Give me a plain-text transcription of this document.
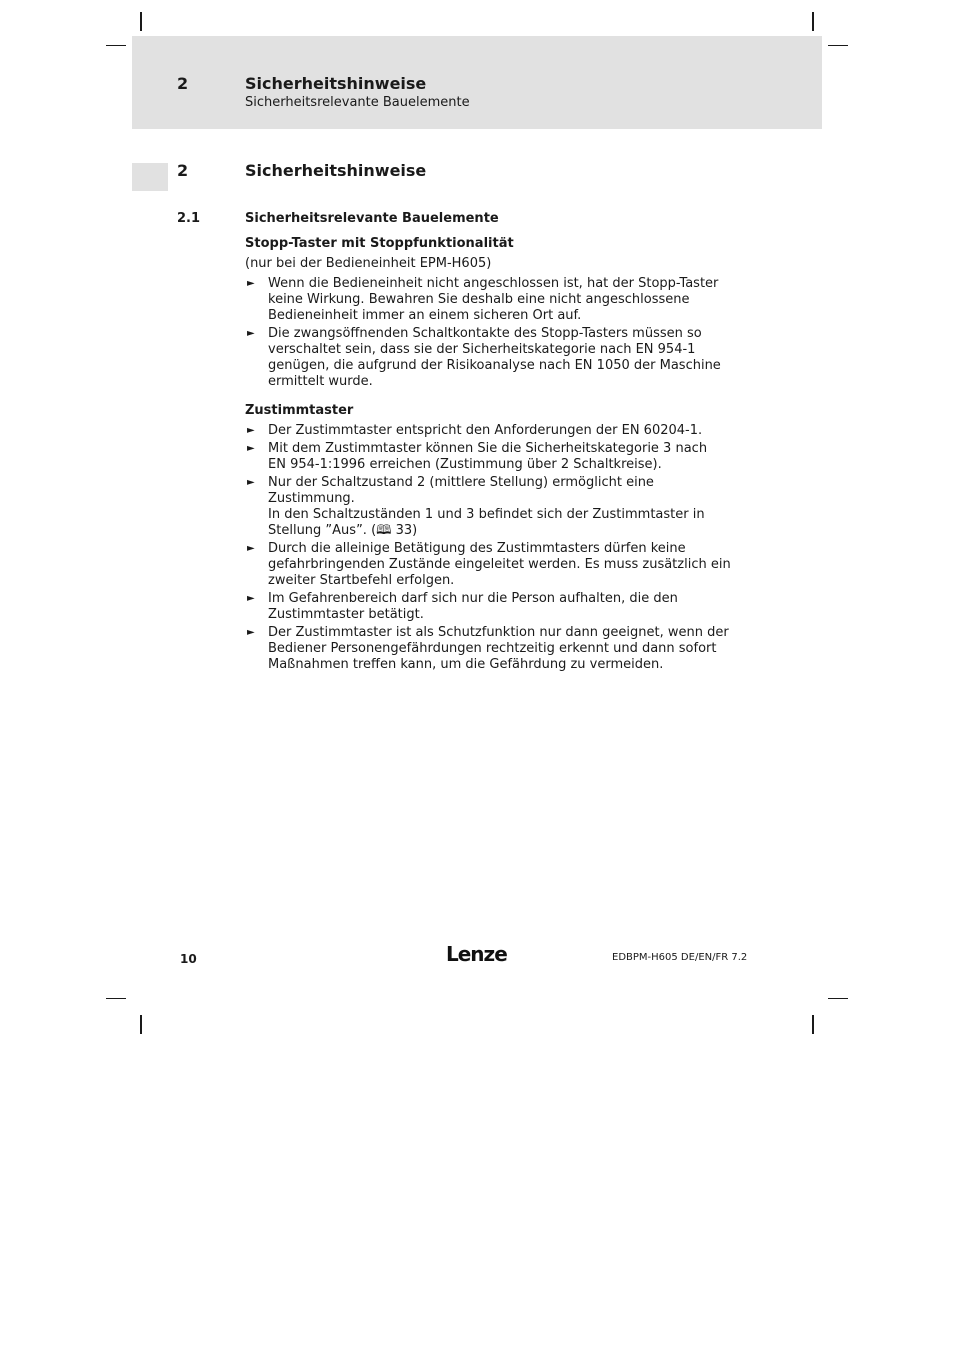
2	Sicherheitshinweise
Sicherheitsrelevante Bauelemente
2	Sicherheitshinweise
2.1	Sicherheitsrelevante Bauelemente

Stopp-Taster mit Stoppfunktionalität

(nur bei der Bedieneinheit EPM-H605)

► Wenn die Bedieneinheit nicht angeschlossen ist, hat der Stopp-Taster
keine Wirkung. Bewahren Sie deshalb eine nicht angeschlossene
Bedieneinheit immer an einem sicheren Ort auf.
► Die zwangsöffnenden Schaltkontakte des Stopp-Tasters müssen so
verschaltet sein, dass sie der Sicherheitskategorie nach EN 954-1
genügen, die aufgrund der Risikoanalyse nach EN 1050 der Maschine
ermittelt wurde.

Zustimmtaster

► Der Zustimmtaster entspricht den Anforderungen der EN 60204-1.
► Mit dem Zustimmtaster können Sie die Sicherheitskategorie 3 nach
EN 954-1:1996 erreichen (Zustimmung über 2 Schaltkreise).
► Nur der Schaltzustand 2 (mittlere Stellung) ermöglicht eine Zustimmung.
In den Schaltzuständen 1 und 3 befindet sich der Zustimmtaster in
Stellung ”Aus”. (🕮 33)
► Durch die alleinige Betätigung des Zustimmtasters dürfen keine
gefahrbringenden Zustände eingeleitet werden. Es muss zusätzlich ein
zweiter Startbefehl erfolgen.
► Im Gefahrenbereich darf sich nur die Person aufhalten, die den
Zustimmtaster betätigt.
► Der Zustimmtaster ist als Schutzfunktion nur dann geeignet, wenn der
Bediener Personengefährdungen rechtzeitig erkennt und dann sofort
Maßnahmen treffen kann, um die Gefährdung zu vermeiden.
10	Lenze	EDBPM-H605 DE/EN/FR 7.2
